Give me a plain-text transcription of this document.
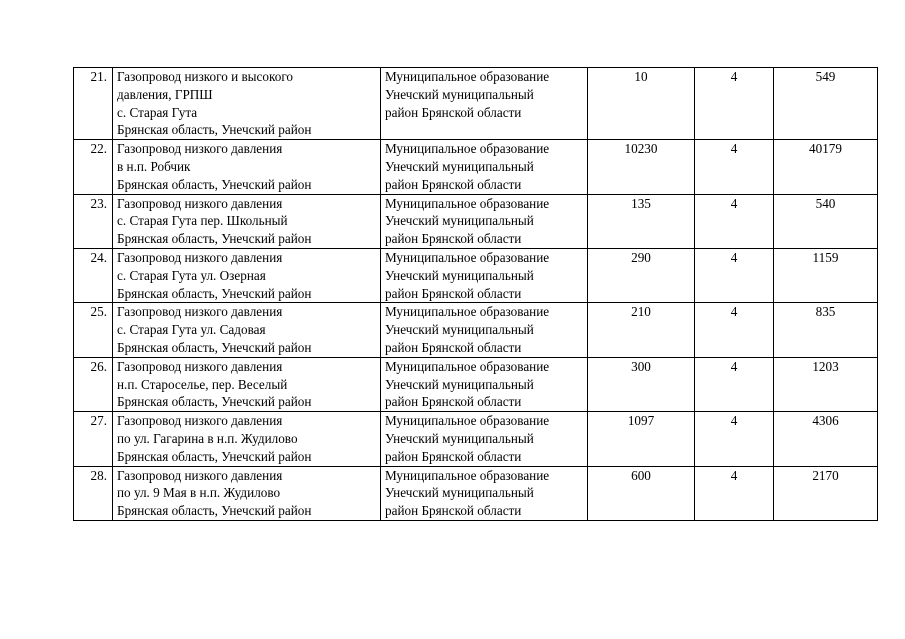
21.	Газопровод низкого и высокого
давления, ГРПШ
с. Старая Гута
Брянская область, Унечский район	Муниципальное образование
Унечский муниципальный
район Брянской области	10	4	549
22.	Газопровод низкого давления
в н.п. Робчик
Брянская область, Унечский район	Муниципальное образование
Унечский муниципальный
район Брянской области	10230	4	40179
23.	Газопровод низкого давления
с. Старая Гута пер. Школьный
Брянская область, Унечский район	Муниципальное образование
Унечский муниципальный
район Брянской области	135	4	540
24.	Газопровод низкого давления
с. Старая Гута ул. Озерная
Брянская область, Унечский район	Муниципальное образование
Унечский муниципальный
район Брянской области	290	4	1159
25.	Газопровод низкого давления
с. Старая Гута ул. Садовая
Брянская область, Унечский район	Муниципальное образование
Унечский муниципальный
район Брянской области	210	4	835
26.	Газопровод низкого давления
н.п. Староселье, пер. Веселый
Брянская область, Унечский район	Муниципальное образование
Унечский муниципальный
район Брянской области	300	4	1203
27.	Газопровод низкого давления
по ул. Гагарина в н.п. Жудилово
Брянская область, Унечский район	Муниципальное образование
Унечский муниципальный
район Брянской области	1097	4	4306
28.	Газопровод низкого давления
по ул. 9 Мая в н.п. Жудилово
Брянская область, Унечский район	Муниципальное образование
Унечский муниципальный
район Брянской области	600	4	2170
